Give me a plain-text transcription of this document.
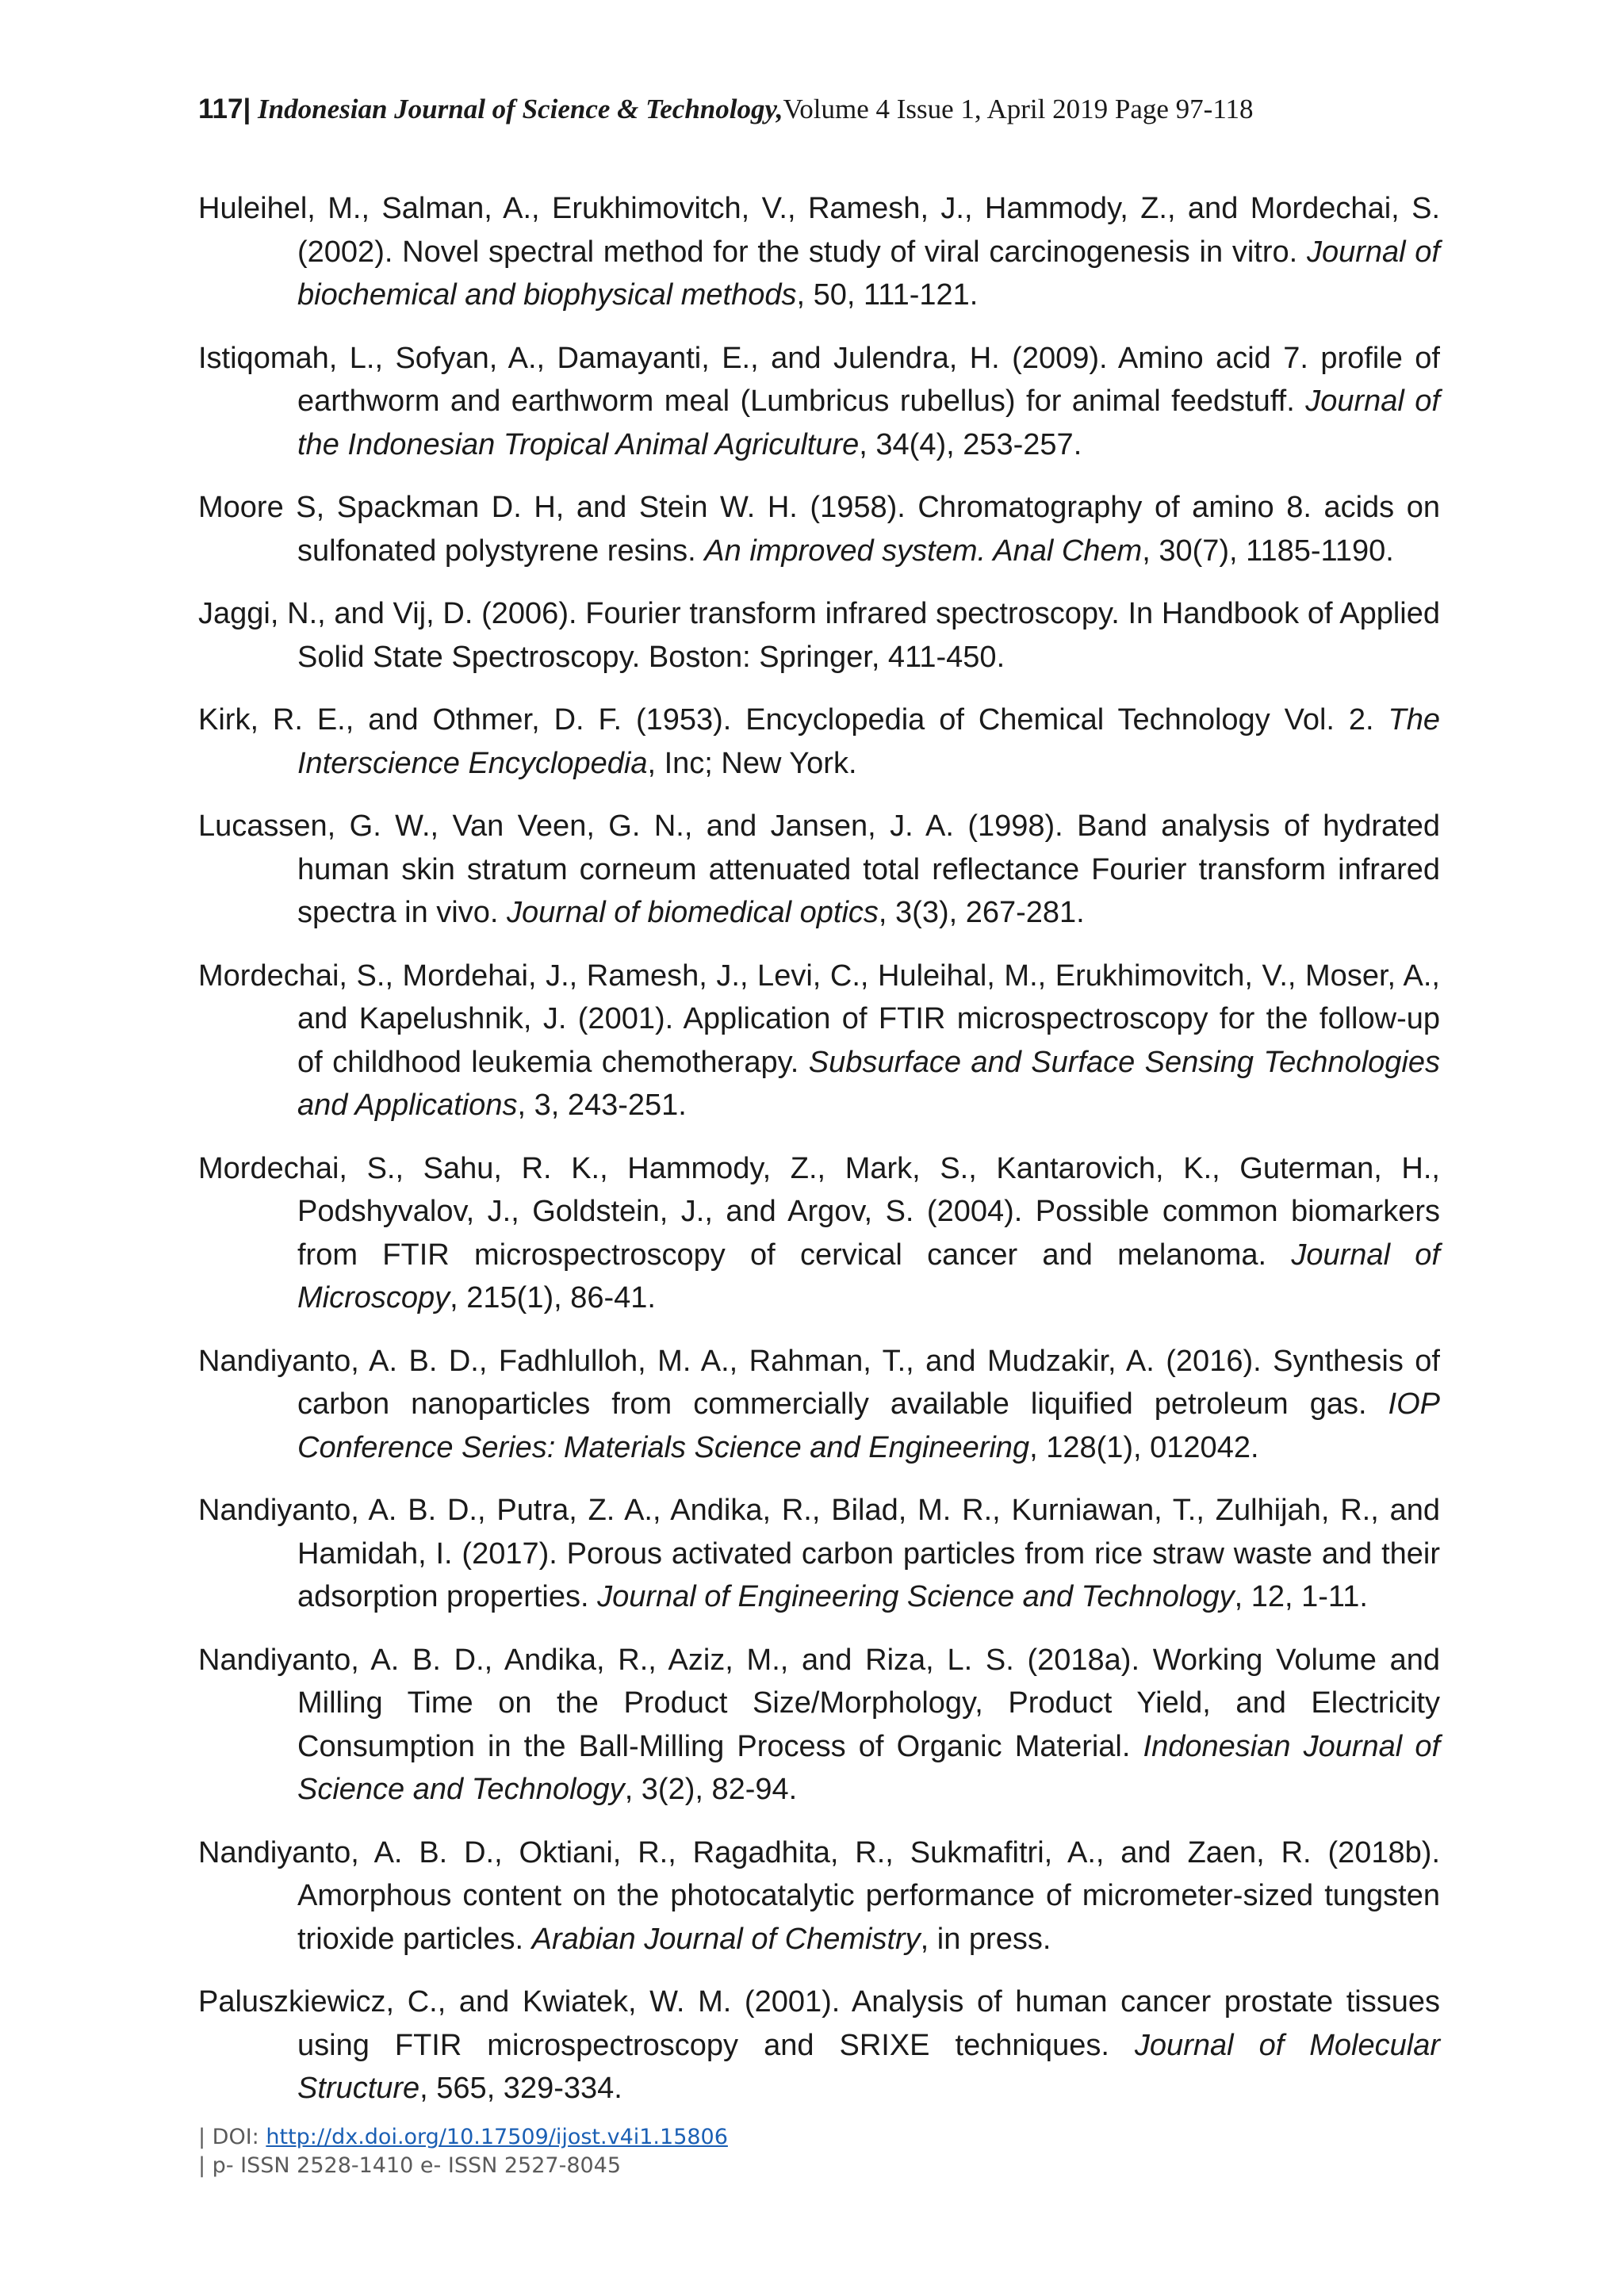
117| Indonesian Journal of Science & Technology,Volume 4 Issue 1, April 2019 Page 97-118

Huleihel, M., Salman, A., Erukhimovitch, V., Ramesh, J., Hammody, Z., and Mordechai, S. (2002). Novel spectral method for the study of viral carcinogenesis in vitro. Journal of biochemical and biophysical methods, 50, 111-121.

Istiqomah, L., Sofyan, A., Damayanti, E., and Julendra, H. (2009). Amino acid 7. profile of earthworm and earthworm meal (Lumbricus rubellus) for animal feedstuff. Journal of the Indonesian Tropical Animal Agriculture, 34(4), 253-257.

Moore S, Spackman D. H, and Stein W. H. (1958). Chromatography of amino 8. acids on sulfonated polystyrene resins. An improved system. Anal Chem, 30(7), 1185-1190.

Jaggi, N., and Vij, D. (2006). Fourier transform infrared spectroscopy. In Handbook of Applied Solid State Spectroscopy. Boston: Springer, 411-450.

Kirk, R. E., and Othmer, D. F. (1953). Encyclopedia of Chemical Technology Vol. 2. The Interscience Encyclopedia, Inc; New York.

Lucassen, G. W., Van Veen, G. N., and Jansen, J. A. (1998). Band analysis of hydrated human skin stratum corneum attenuated total reflectance Fourier transform infrared spectra in vivo. Journal of biomedical optics, 3(3), 267-281.

Mordechai, S., Mordehai, J., Ramesh, J., Levi, C., Huleihal, M., Erukhimovitch, V., Moser, A., and Kapelushnik, J. (2001). Application of FTIR microspectroscopy for the follow-up of childhood leukemia chemotherapy. Subsurface and Surface Sensing Technologies and Applications, 3, 243-251.

Mordechai, S., Sahu, R. K., Hammody, Z., Mark, S., Kantarovich, K., Guterman, H., Podshyvalov, J., Goldstein, J., and Argov, S. (2004). Possible common biomarkers from FTIR microspectroscopy of cervical cancer and melanoma. Journal of Microscopy, 215(1), 86-41.

Nandiyanto, A. B. D., Fadhlulloh, M. A., Rahman, T., and Mudzakir, A. (2016). Synthesis of carbon nanoparticles from commercially available liquified petroleum gas. IOP Conference Series: Materials Science and Engineering, 128(1), 012042.

Nandiyanto, A. B. D., Putra, Z. A., Andika, R., Bilad, M. R., Kurniawan, T., Zulhijah, R., and Hamidah, I. (2017). Porous activated carbon particles from rice straw waste and their adsorption properties. Journal of Engineering Science and Technology, 12, 1-11.

Nandiyanto, A. B. D., Andika, R., Aziz, M., and Riza, L. S. (2018a). Working Volume and Milling Time on the Product Size/Morphology, Product Yield, and Electricity Consumption in the Ball-Milling Process of Organic Material. Indonesian Journal of Science and Technology, 3(2), 82-94.

Nandiyanto, A. B. D., Oktiani, R., Ragadhita, R., Sukmafitri, A., and Zaen, R. (2018b). Amorphous content on the photocatalytic performance of micrometer-sized tungsten trioxide particles. Arabian Journal of Chemistry, in press.

Paluszkiewicz, C., and Kwiatek, W. M. (2001). Analysis of human cancer prostate tissues using FTIR microspectroscopy and SRIXE techniques. Journal of Molecular Structure, 565, 329-334.

| DOI: http://dx.doi.org/10.17509/ijost.v4i1.15806
| p- ISSN 2528-1410 e- ISSN 2527-8045
